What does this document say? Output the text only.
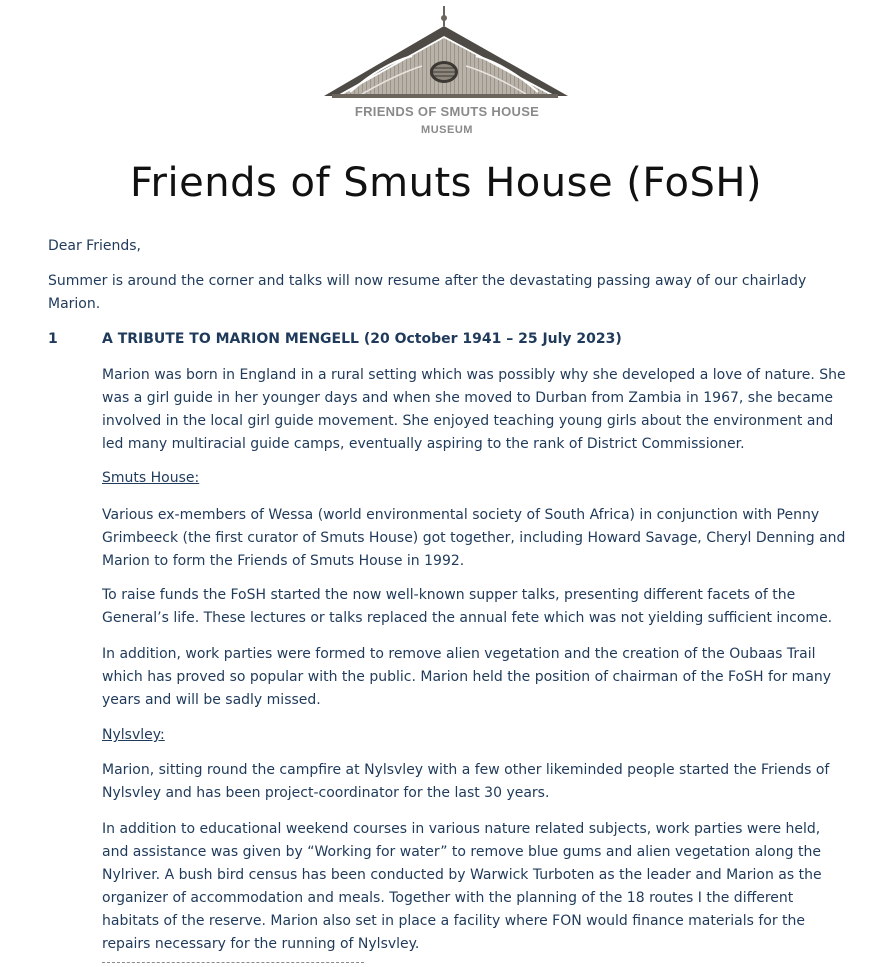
FRIENDS OF SMUTS HOUSE
MUSEUM
Friends of Smuts House (FoSH)

Dear Friends,

Summer is around the corner and talks will now resume after the devastating passing away of our chairlady Marion.

1	A TRIBUTE TO MARION MENGELL (20 October 1941 – 25 July 2023)

Marion was born in England in a rural setting which was possibly why she developed a love of nature. She was a girl guide in her younger days and when she moved to Durban from Zambia in 1967, she became involved in the local girl guide movement. She enjoyed teaching young girls about the environment and led many multiracial guide camps, eventually aspiring to the rank of District Commissioner.

Smuts House:

Various ex-members of Wessa (world environmental society of South Africa) in conjunction with Penny Grimbeeck (the first curator of Smuts House) got together, including Howard Savage, Cheryl Denning and Marion to form the Friends of Smuts House in 1992.

To raise funds the FoSH started the now well-known supper talks, presenting different facets of the General’s life. These lectures or talks replaced the annual fete which was not yielding sufficient income.

In addition, work parties were formed to remove alien vegetation and the creation of the Oubaas Trail which has proved so popular with the public. Marion held the position of chairman of the FoSH for many years and will be sadly missed.

Nylsvley:

Marion, sitting round the campfire at Nylsvley with a few other likeminded people started the Friends of Nylsvley and has been project-coordinator for the last 30 years.

In addition to educational weekend courses in various nature related subjects, work parties were held, and assistance was given by “Working for water” to remove blue gums and alien vegetation along the Nylriver. A bush bird census has been conducted by Warwick Turboten as the leader and Marion as the organizer of accommodation and meals. Together with the planning of the 18 routes I the different habitats of the reserve. Marion also set in place a facility where FON would finance materials for the repairs necessary for the running of Nylsvley.
